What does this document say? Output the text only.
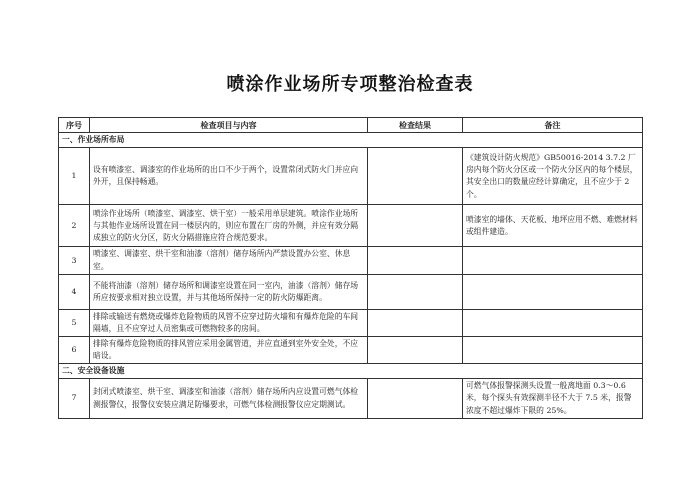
喷涂作业场所专项整治检查表
序号	检查项目与内容	检查结果	备注
一、作业场所布局			
1	设有喷漆室、调漆室的作业场所的出口不少于两个，设置常闭式防火门并应向外开，且保持畅通。		《建筑设计防火规范》GB50016-2014 3.7.2 厂房内每个防火分区或一个防火分区内的每个楼层，其安全出口的数量应经计算确定，且不应少于 2 个。
2	喷涂作业场所（喷漆室、调漆室、烘干室）一般采用单层建筑。喷涂作业场所与其他作业场所设置在同一楼层内的，则应布置在厂房的外侧，并应有效分隔成独立的防火分区，防火分隔措施应符合规范要求。		喷漆室的墙体、天花板、地坪应用不燃、难燃材料或组件建造。
3	喷漆室、调漆室、烘干室和油漆（溶剂）储存场所内严禁设置办公室、休息室。		
4	不能将油漆（溶剂）储存场所和调漆室设置在同一室内，油漆（溶剂）储存场所应按要求相对独立设置，并与其他场所保持一定的防火防爆距离。		
5	排除或输送有燃烧或爆炸危险物质的风管不应穿过防火墙和有爆炸危险的车间隔墙，且不应穿过人员密集或可燃物较多的房间。		
6	排除有爆炸危险物质的排风管应采用金属管道，并应直通到室外安全处，不应暗设。		
二、安全设备设施			
7	封闭式喷漆室、烘干室、调漆室和油漆（溶剂）储存场所内应设置可燃气体检测报警仪，报警仪安装应满足防爆要求，可燃气体检测报警仪应定期测试。		可燃气体报警探测头设置一般离地面 0.3～0.6 米，每个探头有效探测半径不大于 7.5 米，报警浓度不超过爆炸下限的 25%。
